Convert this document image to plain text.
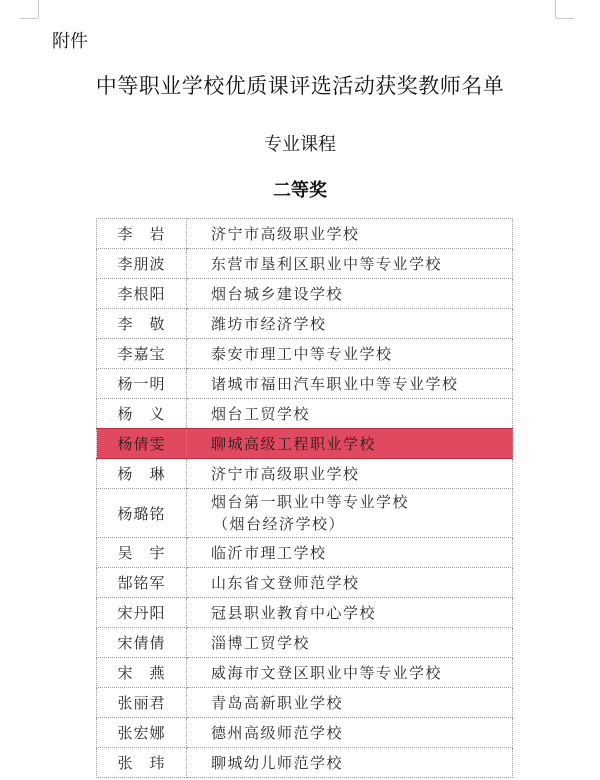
附件
中等职业学校优质课评选活动获奖教师名单
专业课程
二等奖
李　岩	济宁市高级职业学校
李朋波	东营市垦利区职业中等专业学校
李根阳	烟台城乡建设学校
李　敬	潍坊市经济学校
李嘉宝	泰安市理工中等专业学校
杨一明	诸城市福田汽车职业中等专业学校
杨　义	烟台工贸学校
杨倩雯	聊城高级工程职业学校
杨　琳	济宁市高级职业学校
杨璐铭	烟台第一职业中等专业学校
（烟台经济学校）

吴　宇	临沂市理工学校
郜铭军	山东省文登师范学校
宋丹阳	冠县职业教育中心学校
宋倩倩	淄博工贸学校
宋　燕	威海市文登区职业中等专业学校
张丽君	青岛高新职业学校
张宏娜	德州高级师范学校
张　玮	聊城幼儿师范学校
